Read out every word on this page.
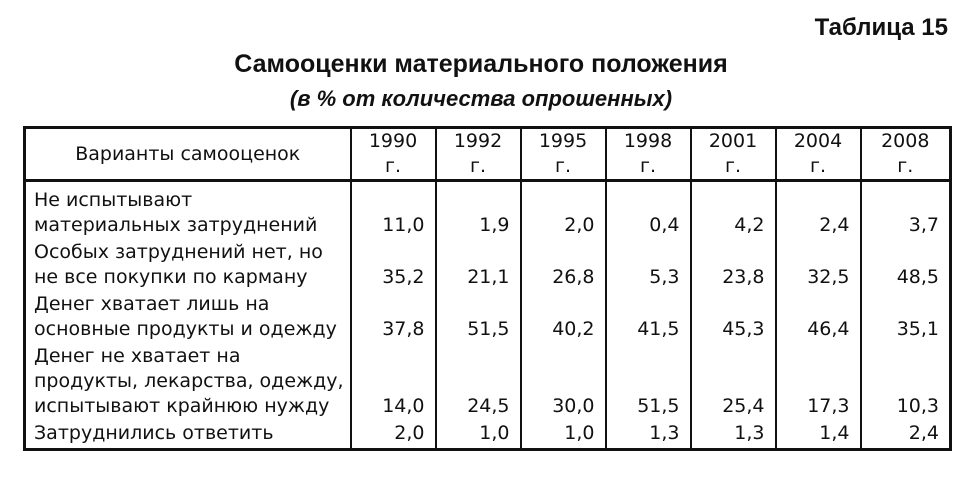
Таблица 15
Самооценки материального положения
(в % от количества опрошенных)
Варианты самооценок	1990 г.	1992 г.	1995 г.	1998 г.	2001 г.	2004 г.	2008 г.

Не испытывают
материальных затруднений	11,0	1,9	2,0	0,4	4,2	2,4	3,7

Особых затруднений нет, но
не все покупки по карману	35,2	21,1	26,8	5,3	23,8	32,5	48,5

Денег хватает лишь на
основные продукты и одежду	37,8	51,5	40,2	41,5	45,3	46,4	35,1

Денег не хватает на
продукты, лекарства, одежду,
испытывают крайнюю нужду	14,0	24,5	30,0	51,5	25,4	17,3	10,3

Затруднились ответить	2,0	1,0	1,0	1,3	1,3	1,4	2,4
